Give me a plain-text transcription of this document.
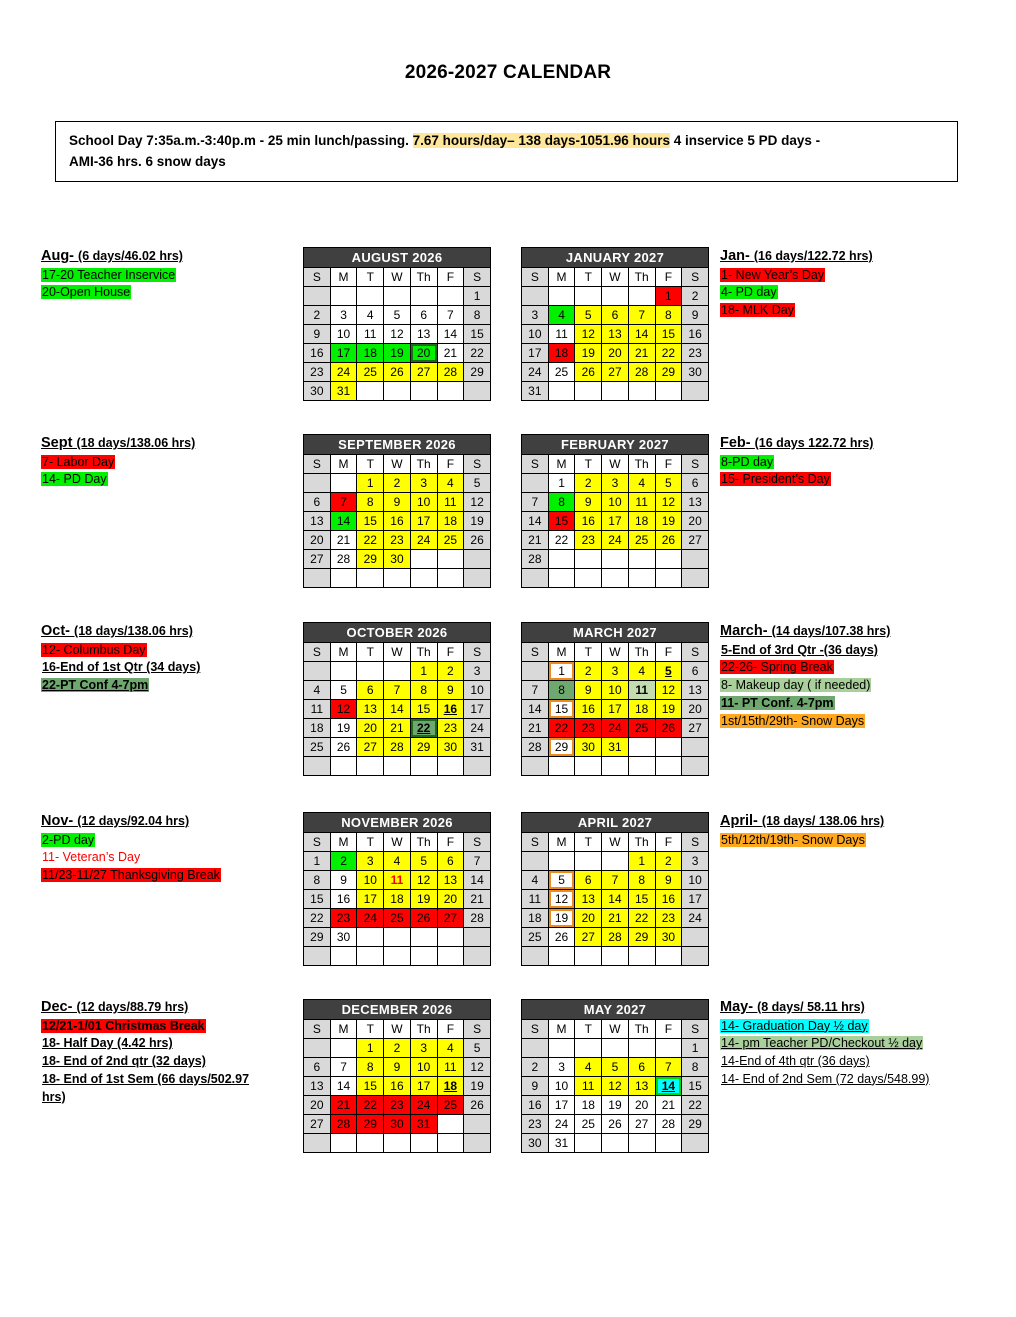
2026-2027 CALENDAR
School Day 7:35a.m.-3:40p.m - 25 min lunch/passing. 7.67 hours/day– 138 days-1051.96 hours 4 inservice 5 PD days -
AMI-36 hrs. 6 snow days
Aug- (6 days/46.02 hrs)
17-20 Teacher Inservice
20-Open House
Jan- (16 days/122.72 hrs)
1- New Year’s Day
4- PD day
18- MLK Day
Sept (18 days/138.06 hrs)
7- Labor Day
14- PD Day
Feb- (16 days 122.72 hrs)
8-PD day
15- President’s Day
Oct- (18 days/138.06 hrs)
12- Columbus Day
16-End of 1st Qtr (34 days)
22-PT Conf 4-7pm
March- (14 days/107.38 hrs)
5-End of 3rd Qtr -(36 days)
22-26- Spring Break
8- Makeup day ( if needed)
11- PT Conf. 4-7pm
1st/15th/29th- Snow Days
Nov- (12 days/92.04 hrs)
2-PD day
11- Veteran’s Day
11/23-11/27 Thanksgiving Break
April- (18 days/ 138.06 hrs)
5th/12th/19th- Snow Days
Dec- (12 days/88.79 hrs)
12/21-1/01 Christmas Break
18- Half Day (4.42 hrs)
18- End of 2nd qtr (32 days)
18- End of 1st Sem (66 days/502.97
hrs)
May- (8 days/ 58.11 hrs)
14- Graduation Day ½ day
14- pm Teacher PD/Checkout ½ day
14-End of 4th qtr (36 days)
14- End of 2nd Sem (72 days/548.99)
AUGUST 2026						
S	M	T	W	Th	F	S
						1
2	3	4	5	6	7	8
9	10	11	12	13	14	15
16	17	18	19	20	21	22
23	24	25	26	27	28	29
30	31					
JANUARY 2027						
S	M	T	W	Th	F	S
					1	2
3	4	5	6	7	8	9
10	11	12	13	14	15	16
17	18	19	20	21	22	23
24	25	26	27	28	29	30
31						
SEPTEMBER 2026						
S	M	T	W	Th	F	S
		1	2	3	4	5
6	7	8	9	10	11	12
13	14	15	16	17	18	19
20	21	22	23	24	25	26
27	28	29	30			

FEBRUARY 2027						
S	M	T	W	Th	F	S
	1	2	3	4	5	6
7	8	9	10	11	12	13
14	15	16	17	18	19	20
21	22	23	24	25	26	27
28						

OCTOBER 2026						
S	M	T	W	Th	F	S
				1	2	3
4	5	6	7	8	9	10
11	12	13	14	15	16	17
18	19	20	21	22	23	24
25	26	27	28	29	30	31

MARCH 2027						
S	M	T	W	Th	F	S
	1	2	3	4	5	6
7	8	9	10	11	12	13
14	15	16	17	18	19	20
21	22	23	24	25	26	27
28	29	30	31			

NOVEMBER 2026						
S	M	T	W	Th	F	S
1	2	3	4	5	6	7
8	9	10	11	12	13	14
15	16	17	18	19	20	21
22	23	24	25	26	27	28
29	30					

APRIL 2027						
S	M	T	W	Th	F	S
				1	2	3
4	5	6	7	8	9	10
11	12	13	14	15	16	17
18	19	20	21	22	23	24
25	26	27	28	29	30	

DECEMBER 2026						
S	M	T	W	Th	F	S
		1	2	3	4	5
6	7	8	9	10	11	12
13	14	15	16	17	18	19
20	21	22	23	24	25	26
27	28	29	30	31		

MAY 2027						
S	M	T	W	Th	F	S
						1
2	3	4	5	6	7	8
9	10	11	12	13	14	15
16	17	18	19	20	21	22
23	24	25	26	27	28	29
30	31					
